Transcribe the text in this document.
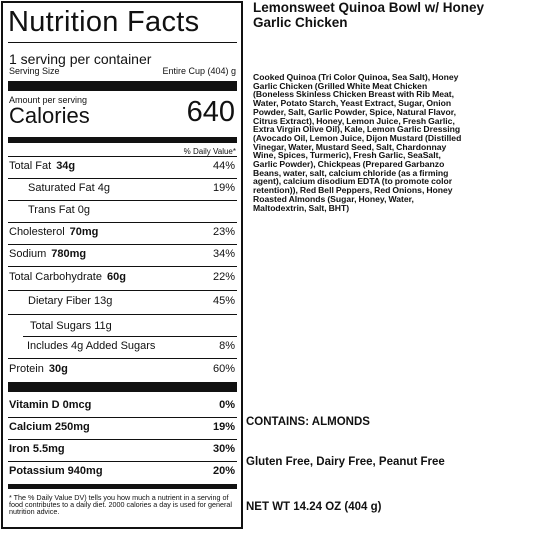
Nutrition Facts
1 serving per container
Serving Size	Entire Cup (404) g
Amount per serving
Calories	640
% Daily Value*
Total Fat 34g	44%
Saturated Fat 4g	19%
Trans Fat 0g
Cholesterol 70mg	23%
Sodium 780mg	34%
Total Carbohydrate 60g	22%
Dietary Fiber 13g	45%
Total Sugars 11g
Includes 4g Added Sugars	8%
Protein 30g	60%
Vitamin D 0mcg	0%
Calcium 250mg	19%
Iron 5.5mg	30%
Potassium 940mg	20%
* The % Daily Value DV) tells you how much a nutrient in a serving of food contributes to a daily diet. 2000 calories a day is used for general nutrition advice.
Lemonsweet Quinoa Bowl w/ Honey Garlic Chicken
Cooked Quinoa (Tri Color Quinoa, Sea Salt), Honey Garlic Chicken (Grilled White Meat Chicken (Boneless Skinless Chicken Breast with Rib Meat, Water, Potato Starch, Yeast Extract, Sugar, Onion Powder, Salt, Garlic Powder, Spice, Natural Flavor, Citrus Extract), Honey, Lemon Juice, Fresh Garlic, Extra Virgin Olive Oil), Kale, Lemon Garlic Dressing (Avocado Oil, Lemon Juice, Dijon Mustard (Distilled Vinegar, Water, Mustard Seed, Salt, Chardonnay Wine, Spices, Turmeric), Fresh Garlic, SeaSalt, Garlic Powder), Chickpeas (Prepared Garbanzo Beans, water, salt, calcium chloride (as a firming agent), calcium disodium EDTA (to promote color retention)), Red Bell Peppers, Red Onions, Honey Roasted Almonds (Sugar, Honey, Water, Maltodextrin, Salt, BHT)
CONTAINS: ALMONDS
Gluten Free, Dairy Free, Peanut Free
NET WT 14.24 OZ (404 g)
